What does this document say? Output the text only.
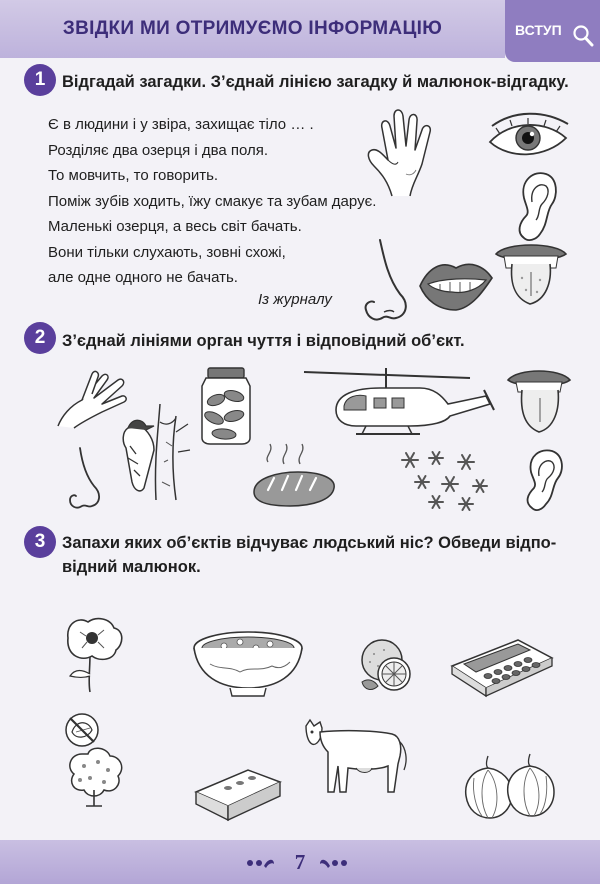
ЗВІДКИ МИ ОТРИМУЄМО ІНФОРМАЦІЮ	ВСТУП
1	Відгадай загадки. З’єднай лінією загадку й малюнок-відгадку.
Є в людини і у звіра, захищає тіло … .
Розділяє два озерця і два поля.
То мовчить, то говорить.
Поміж зубів ходить, їжу смакує та зубам дарує.
Маленькі озерця, а весь світ бачать.
Вони тільки слухають, зовні схожі,
але одне одного не бачать.
Із журналу
2	З’єднай лініями орган чуття і відповідний об’єкт.
3	Запахи яких об’єктів відчуває людський ніс? Обведи відпо-
відний малюнок.
7
